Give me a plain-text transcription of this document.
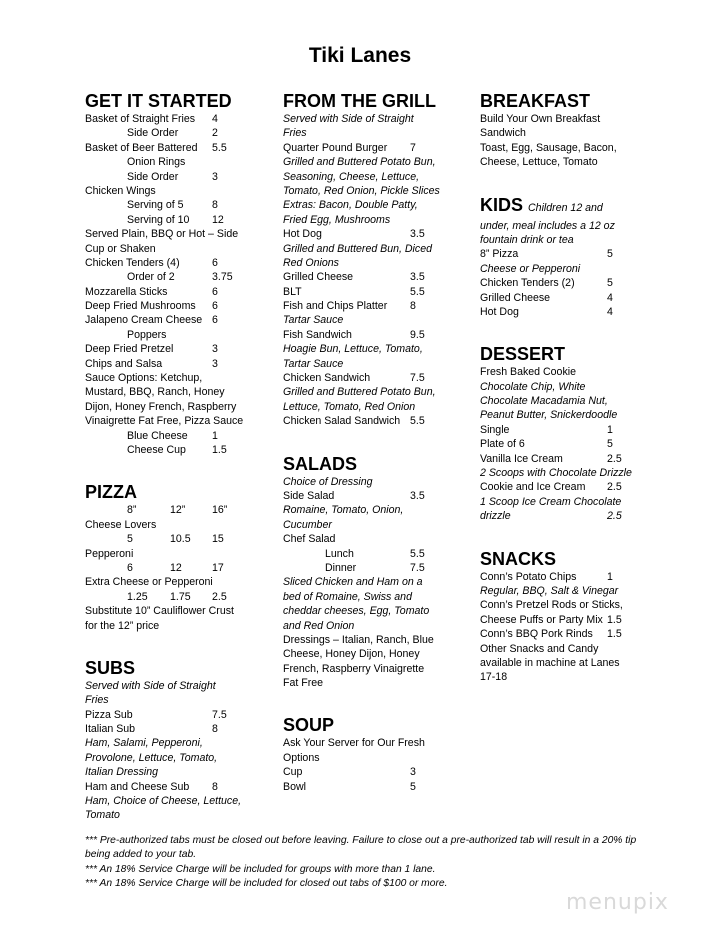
Tiki Lanes
GET IT STARTED
Basket of Straight Fries 4
Side Order	2
Basket of Beer Battered 5.5
Onion Rings
Side Order	3
Chicken Wings
Serving of 5	8
Serving of 10 12
Served Plain, BBQ or Hot – Side
Cup or Shaken
Chicken Tenders (4)	6
Order of 2	3.75
Mozzarella Sticks	6
Deep Fried Mushrooms 6
Jalapeno Cream Cheese 6
Poppers
Deep Fried Pretzel	3
Chips and Salsa	3
Sauce Options: Ketchup,
Mustard, BBQ, Ranch, Honey
Dijon, Honey French, Raspberry
Vinaigrette Fat Free, Pizza Sauce
Blue Cheese 1
Cheese Cup 1.5
PIZZA
8”	12”	16”
Cheese Lovers
5	10.5 15
Pepperoni
6	12	17
Extra Cheese or Pepperoni
1.25 1.75 2.5
Substitute 10” Cauliflower Crust
for the 12” price
SUBS
Served with Side of Straight
Fries
Pizza Sub	7.5
Italian Sub	8
Ham, Salami, Pepperoni,
Provolone, Lettuce, Tomato,
Italian Dressing
Ham and Cheese Sub 8
Ham, Choice of Cheese, Lettuce,
Tomato
FROM THE GRILL
Served with Side of Straight
Fries
Quarter Pound Burger 7
Grilled and Buttered Potato Bun,
Seasoning, Cheese, Lettuce,
Tomato, Red Onion, Pickle Slices
Extras: Bacon, Double Patty,
Fried Egg, Mushrooms
Hot Dog	3.5
Grilled and Buttered Bun, Diced
Red Onions
Grilled Cheese	3.5
BLT	5.5
Fish and Chips Platter 8
Tartar Sauce
Fish Sandwich	9.5
Hoagie Bun, Lettuce, Tomato,
Tartar Sauce
Chicken Sandwich	7.5
Grilled and Buttered Potato Bun,
Lettuce, Tomato, Red Onion
Chicken Salad Sandwich 5.5
SALADS
Choice of Dressing
Side Salad	3.5
Romaine, Tomato, Onion,
Cucumber
Chef Salad
Lunch	5.5
Dinner	7.5
Sliced Chicken and Ham on a
bed of Romaine, Swiss and
cheddar cheeses, Egg, Tomato
and Red Onion
Dressings – Italian, Ranch, Blue
Cheese, Honey Dijon, Honey
French, Raspberry Vinaigrette
Fat Free
SOUP
Ask Your Server for Our Fresh
Options
Cup	3
Bowl	5
BREAKFAST
Build Your Own Breakfast
Sandwich
Toast, Egg, Sausage, Bacon,
Cheese, Lettuce, Tomato
KIDS Children 12 and
under, meal includes a 12 oz
fountain drink or tea
8” Pizza	5
Cheese or Pepperoni
Chicken Tenders (2)	5
Grilled Cheese	4
Hot Dog	4
DESSERT
Fresh Baked Cookie
Chocolate Chip, White
Chocolate Macadamia Nut,
Peanut Butter, Snickerdoodle
Single	1
Plate of 6	5
Vanilla Ice Cream	2.5
2 Scoops with Chocolate Drizzle
Cookie and Ice Cream 2.5
1 Scoop Ice Cream Chocolate
drizzle	2.5
SNACKS
Conn’s Potato Chips	1
Regular, BBQ, Salt & Vinegar
Conn’s Pretzel Rods or Sticks,
Cheese Puffs or Party Mix 1.5
Conn’s BBQ Pork Rinds 1.5
Other Snacks and Candy
available in machine at Lanes
17-18
*** Pre-authorized tabs must be closed out before leaving. Failure to close out a pre-authorized tab will result in a 20% tip being added to your tab.
*** An 18% Service Charge will be included for groups with more than 1 lane.
*** An 18% Service Charge will be included for closed out tabs of $100 or more.
menupix
